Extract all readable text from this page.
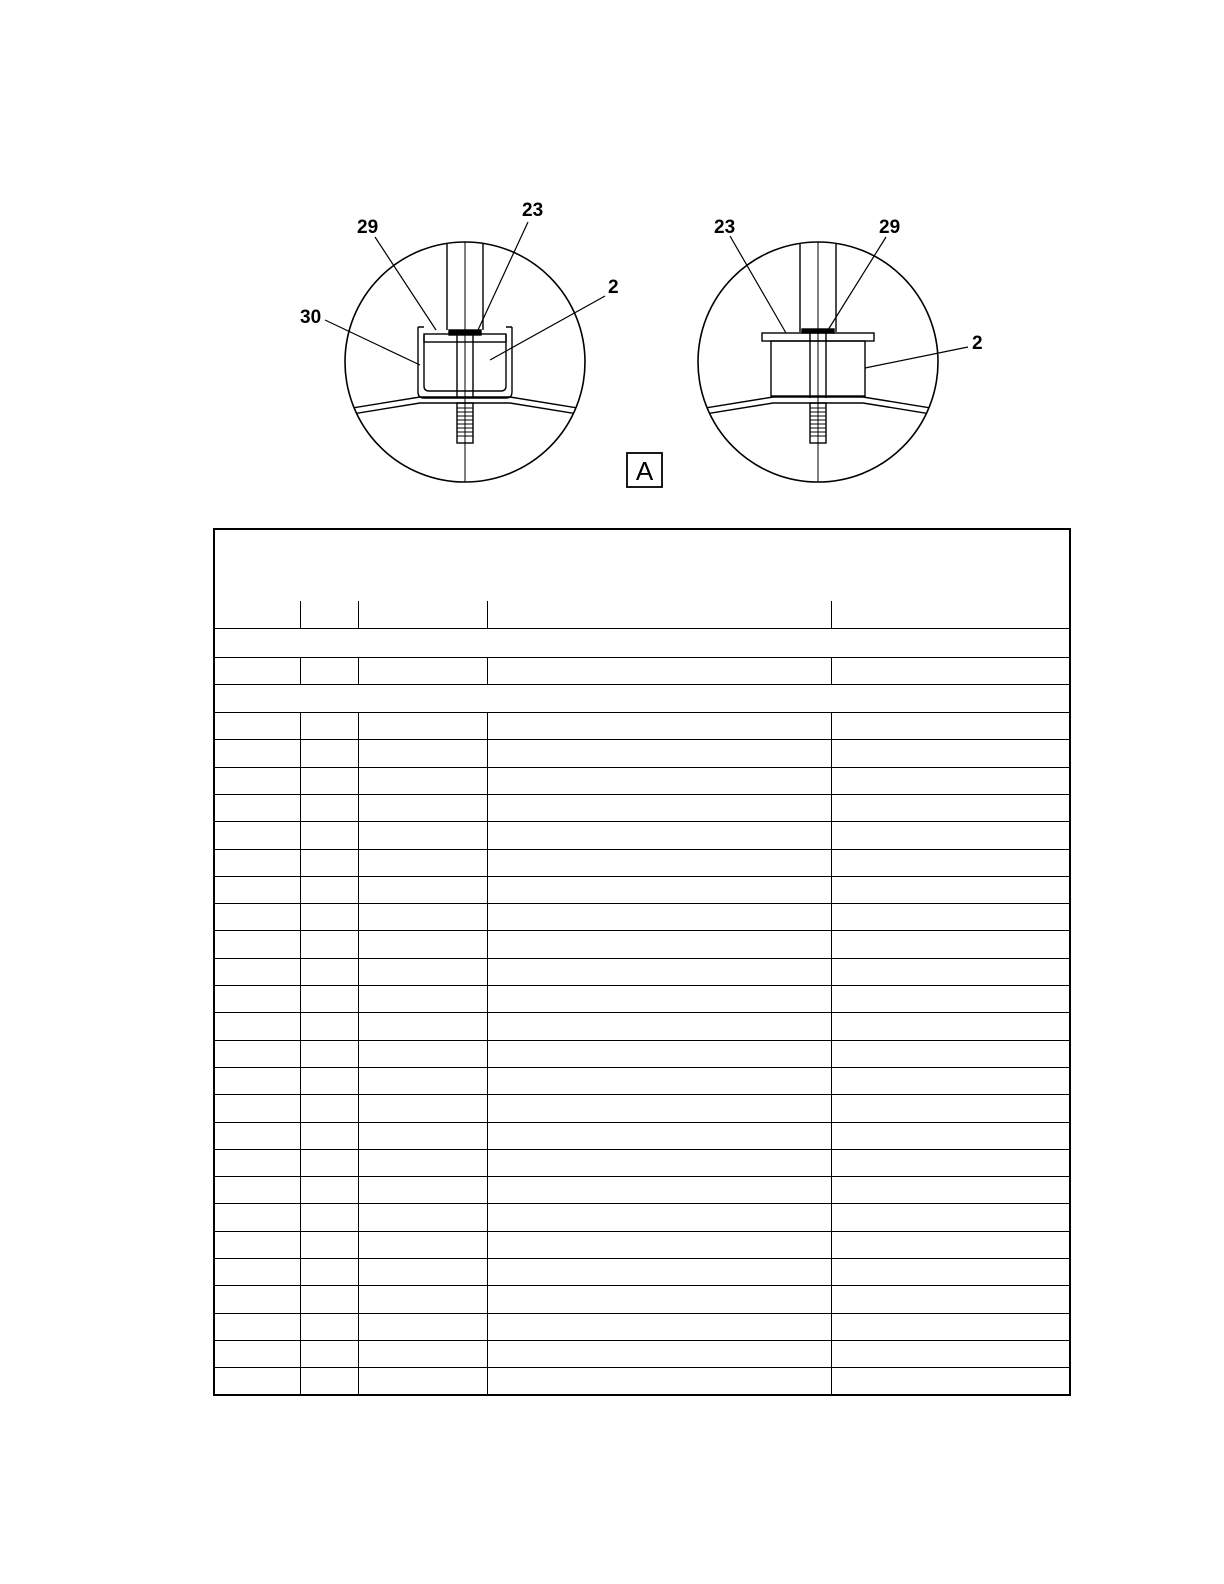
29
23
2
30
23	29
2
A
